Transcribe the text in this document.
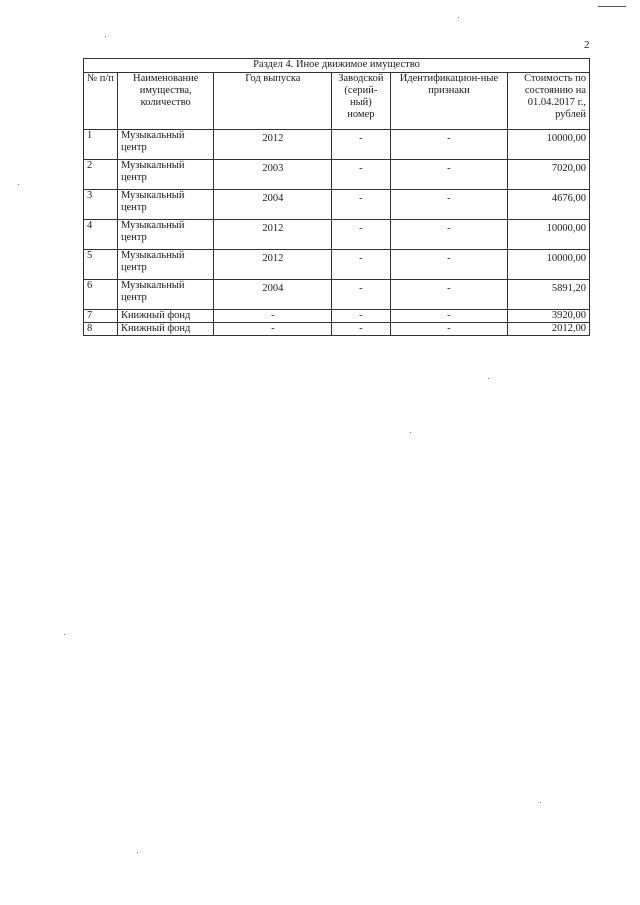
2
Раздел 4. Иное движимое имущество					
№ п/п	Наименование имущества, количество	Год выпуска	Заводской (серий-ный) номер	Идентификацион-ные признаки	Стоимость по состоянию на 01.04.2017 г., рублей
1	Музыкальный центр	2012	-	-	10000,00
2	Музыкальный центр	2003	-	-	7020,00
3	Музыкальный центр	2004	-	-	4676,00
4	Музыкальный центр	2012	-	-	10000,00
5	Музыкальный центр	2012	-	-	10000,00
6	Музыкальный центр	2004	-	-	5891,20
7	Книжный фонд	-	-	-	3920,00
8	Книжный фонд	-	-	-	2012,00
